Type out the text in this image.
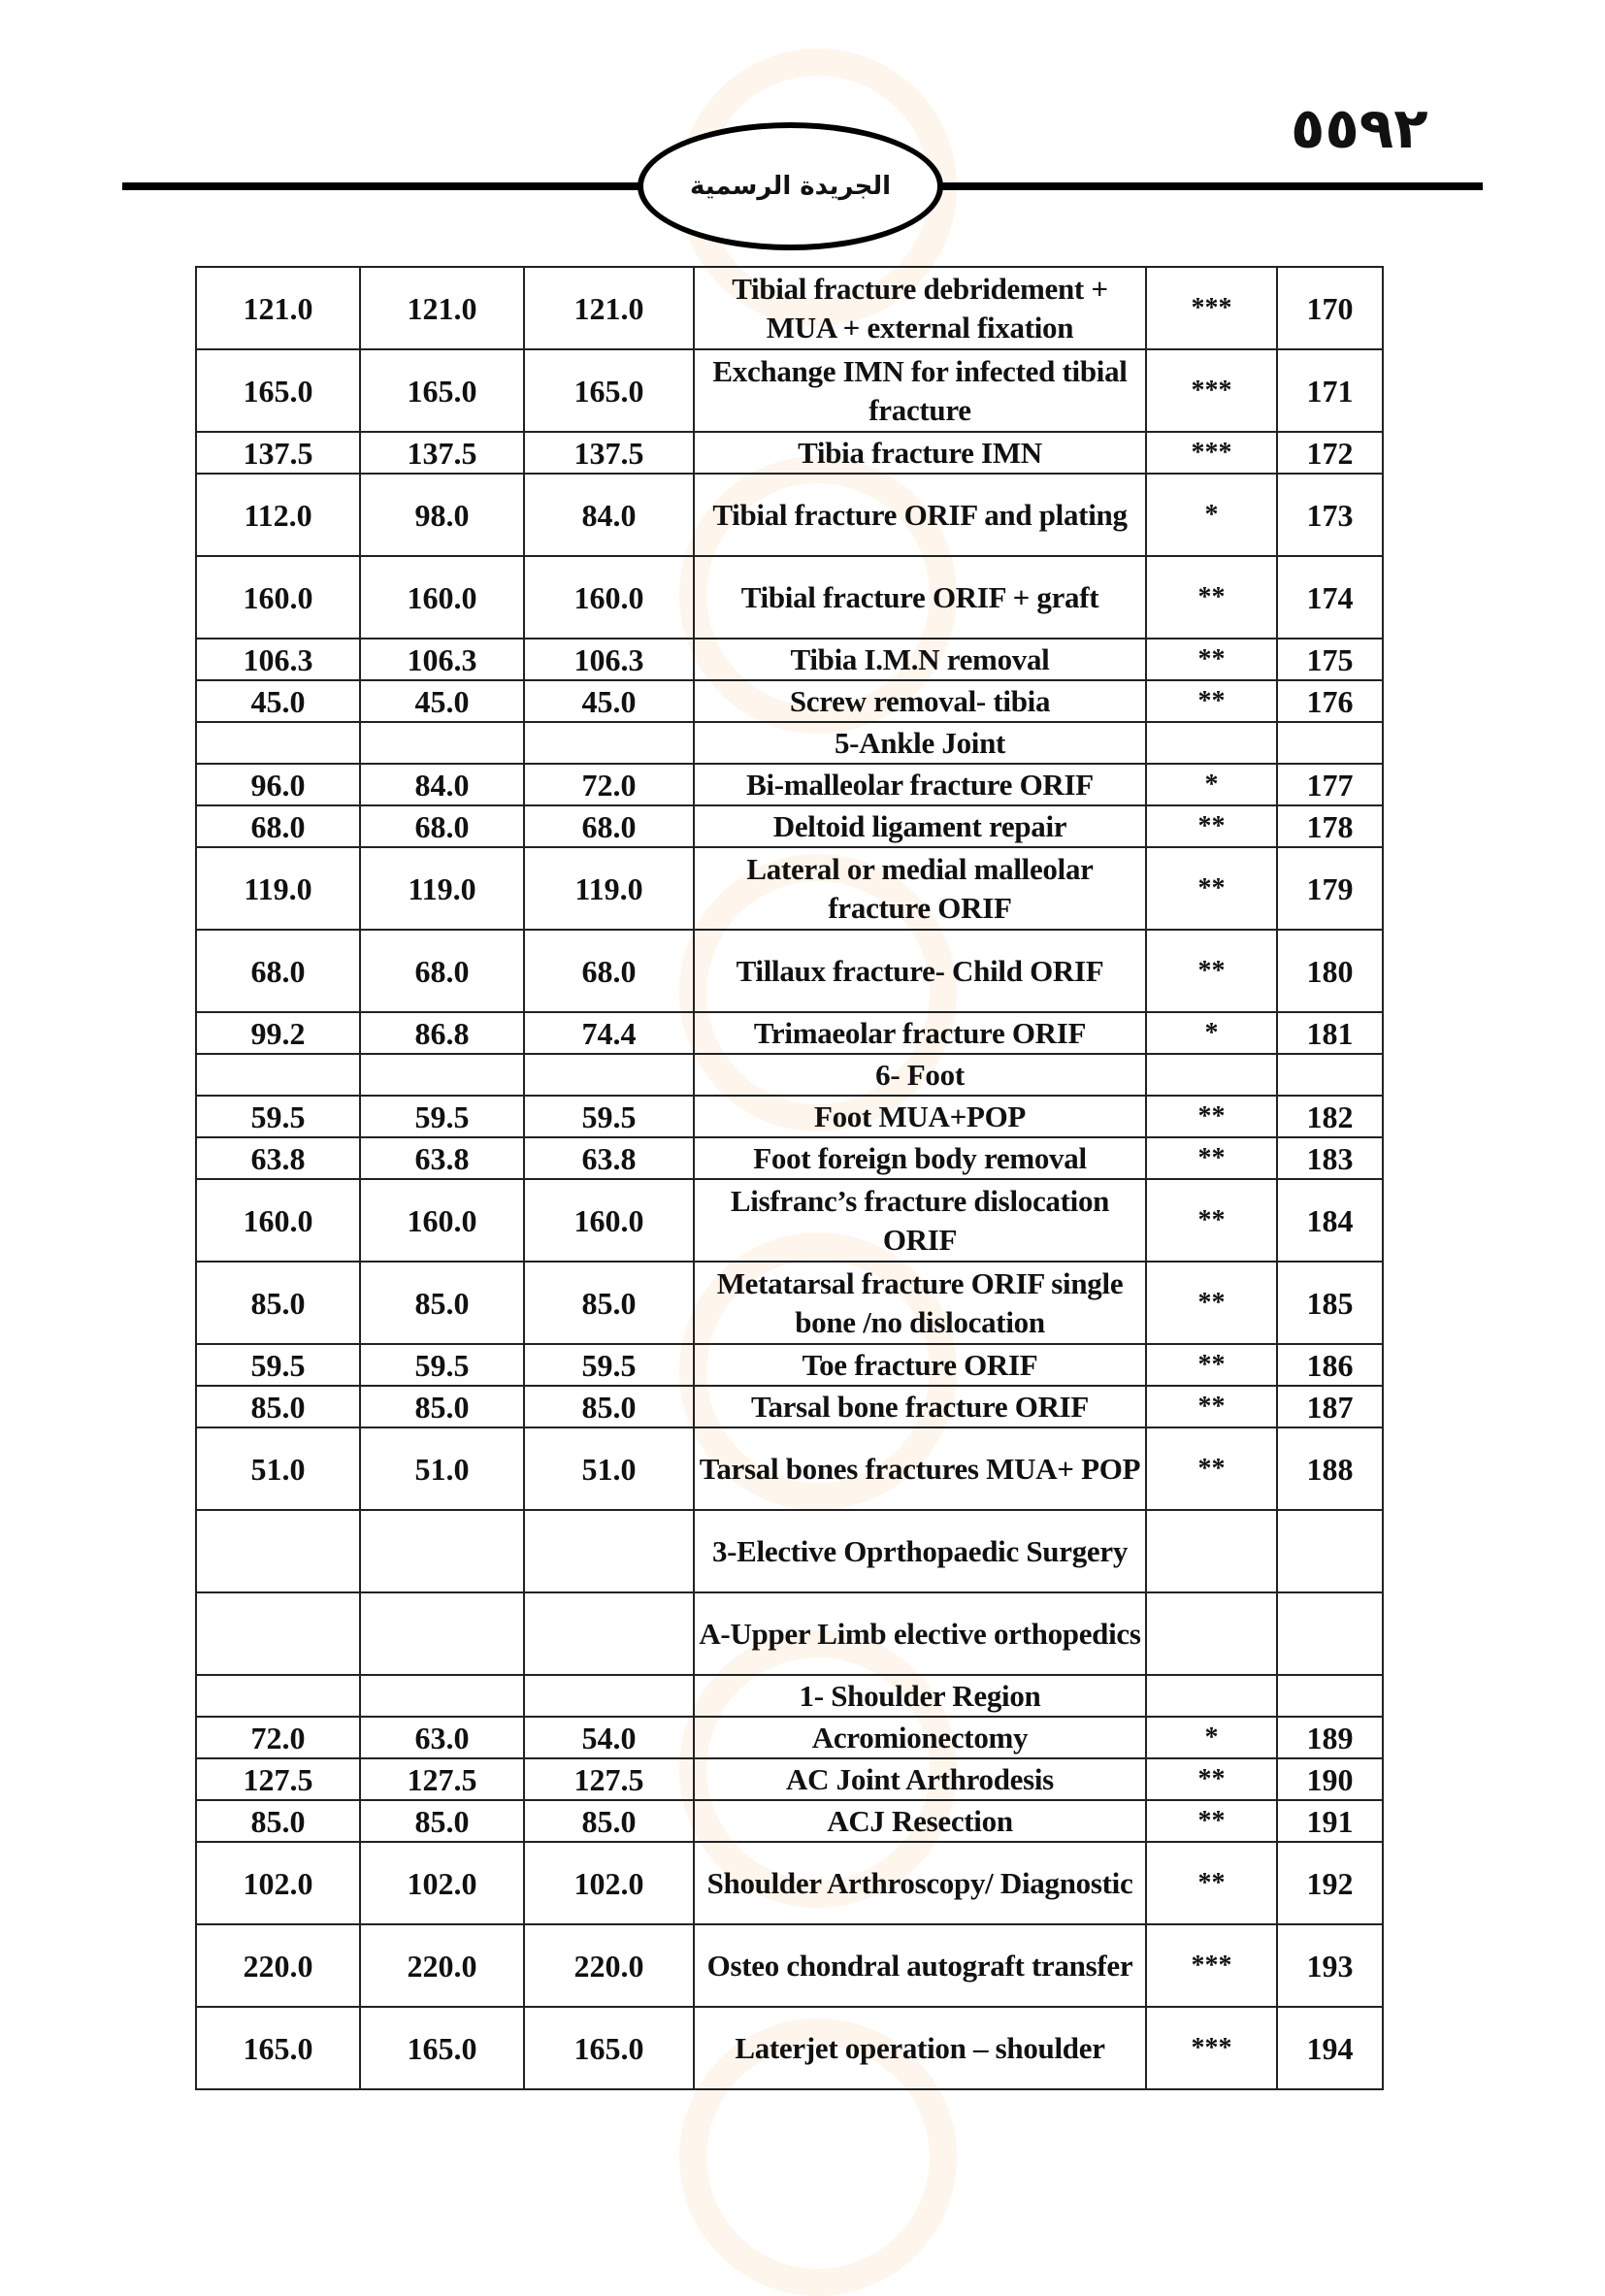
٥٥٩٢
الجريدة الرسمية
121.0	121.0	121.0	Tibial fracture debridement + MUA + external fixation	***	170
165.0	165.0	165.0	Exchange IMN for infected tibial fracture	***	171
137.5	137.5	137.5	Tibia fracture IMN	***	172
112.0	98.0	84.0	Tibial fracture ORIF and plating	*	173
160.0	160.0	160.0	Tibial fracture ORIF + graft	**	174
106.3	106.3	106.3	Tibia I.M.N removal	**	175
45.0	45.0	45.0	Screw removal- tibia	**	176
			5-Ankle Joint		
96.0	84.0	72.0	Bi-malleolar fracture ORIF	*	177
68.0	68.0	68.0	Deltoid ligament repair	**	178
119.0	119.0	119.0	Lateral or medial malleolar fracture ORIF	**	179
68.0	68.0	68.0	Tillaux fracture- Child ORIF	**	180
99.2	86.8	74.4	Trimaeolar fracture ORIF	*	181
			6- Foot		
59.5	59.5	59.5	Foot MUA+POP	**	182
63.8	63.8	63.8	Foot foreign body removal	**	183
160.0	160.0	160.0	Lisfranc’s fracture dislocation ORIF	**	184
85.0	85.0	85.0	Metatarsal fracture ORIF single bone /no dislocation	**	185
59.5	59.5	59.5	Toe fracture ORIF	**	186
85.0	85.0	85.0	Tarsal bone fracture ORIF	**	187
51.0	51.0	51.0	Tarsal bones fractures MUA+ POP	**	188
			3-Elective Oprthopaedic Surgery		
			A-Upper Limb elective orthopedics		
			1- Shoulder Region		
72.0	63.0	54.0	Acromionectomy	*	189
127.5	127.5	127.5	AC Joint Arthrodesis	**	190
85.0	85.0	85.0	ACJ Resection	**	191
102.0	102.0	102.0	Shoulder Arthroscopy/ Diagnostic	**	192
220.0	220.0	220.0	Osteo chondral autograft transfer	***	193
165.0	165.0	165.0	Laterjet operation – shoulder	***	194
